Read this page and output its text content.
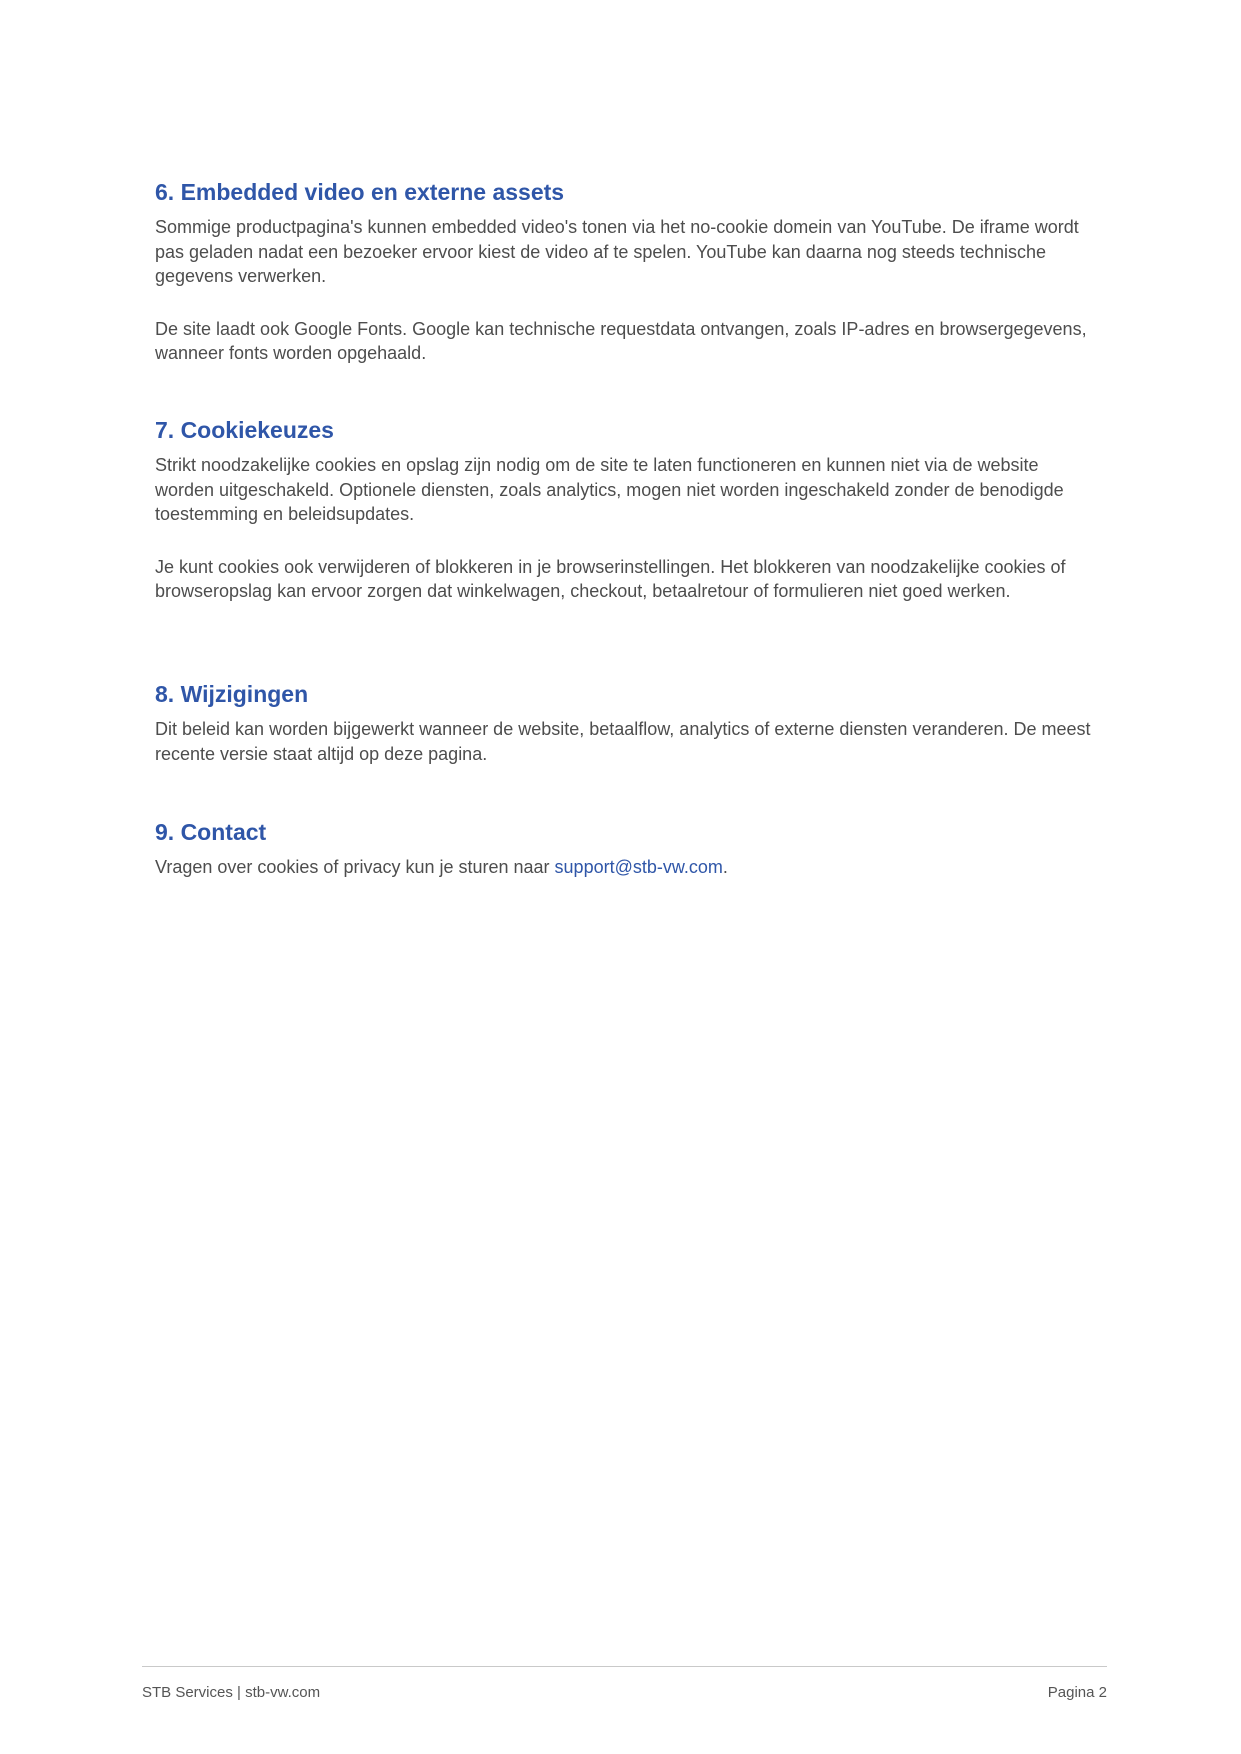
6. Embedded video en externe assets

Sommige productpagina's kunnen embedded video's tonen via het no-cookie domein van YouTube. De iframe wordt pas geladen nadat een bezoeker ervoor kiest de video af te spelen. YouTube kan daarna nog steeds technische gegevens verwerken.

De site laadt ook Google Fonts. Google kan technische requestdata ontvangen, zoals IP-adres en browsergegevens, wanneer fonts worden opgehaald.

7. Cookiekeuzes

Strikt noodzakelijke cookies en opslag zijn nodig om de site te laten functioneren en kunnen niet via de website worden uitgeschakeld. Optionele diensten, zoals analytics, mogen niet worden ingeschakeld zonder de benodigde toestemming en beleidsupdates.

Je kunt cookies ook verwijderen of blokkeren in je browserinstellingen. Het blokkeren van noodzakelijke cookies of browseropslag kan ervoor zorgen dat winkelwagen, checkout, betaalretour of formulieren niet goed werken.

8. Wijzigingen

Dit beleid kan worden bijgewerkt wanneer de website, betaalflow, analytics of externe diensten veranderen. De meest recente versie staat altijd op deze pagina.

9. Contact

Vragen over cookies of privacy kun je sturen naar support@stb-vw.com.

STB Services | stb-vw.com	Pagina 2
